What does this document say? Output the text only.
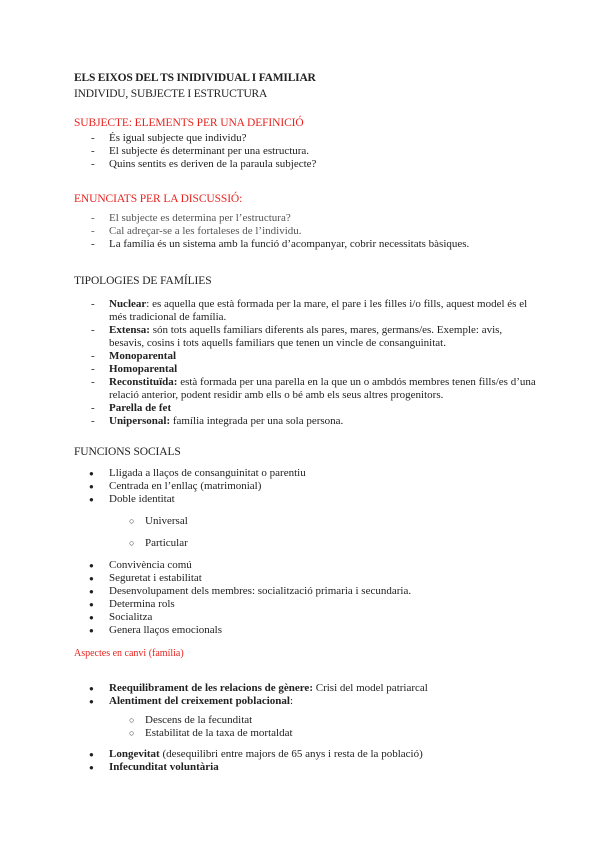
ELS EIXOS DEL TS INIDIVIDUAL I FAMILIAR
INDIVIDU, SUBJECTE I ESTRUCTURA
SUBJECTE: ELEMENTS PER UNA DEFINICIÓ
- És igual subjecte que individu?
- El subjecte és determinant per una estructura.
- Quins sentits es deriven de la paraula subjecte?
ENUNCIATS PER LA DISCUSSIÓ:
- El subjecte es determina per l’estructura?
- Cal adreçar-se a les fortaleses de l’individu.
- La família és un sistema amb la funció d’acompanyar, cobrir necessitats bàsiques.
TIPOLOGIES DE FAMÍLIES
- Nuclear: es aquella que està formada per la mare, el pare i les filles i/o fills, aquest model és el més tradicional de família.
- Extensa: són tots aquells familiars diferents als pares, mares, germans/es. Exemple: avis, besavis, cosins i tots aquells familiars que tenen un vincle de consanguinitat.
- Monoparental
- Homoparental
- Reconstituïda: està formada per una parella en la que un o ambdós membres tenen fills/es d’una relació anterior, podent residir amb ells o bé amb els seus altres progenitors.
- Parella de fet
- Unipersonal: família integrada per una sola persona.
FUNCIONS SOCIALS
● Lligada a llaços de consanguinitat o parentiu
● Centrada en l’enllaç (matrimonial)
● Doble identitat
○ Universal
○ Particular
● Convivència comú
● Seguretat i estabilitat
● Desenvolupament dels membres: socialització primaria i secundaria.
● Determina rols
● Socialitza
● Genera llaços emocionals
Aspectes en canvi (família)
● Reequilibrament de les relacions de gènere: Crisi del model patriarcal
● Alentiment del creixement poblacional:
○ Descens de la fecunditat
○ Estabilitat de la taxa de mortaldat
● Longevitat (desequilibri entre majors de 65 anys i resta de la població)
● Infecunditat voluntària
